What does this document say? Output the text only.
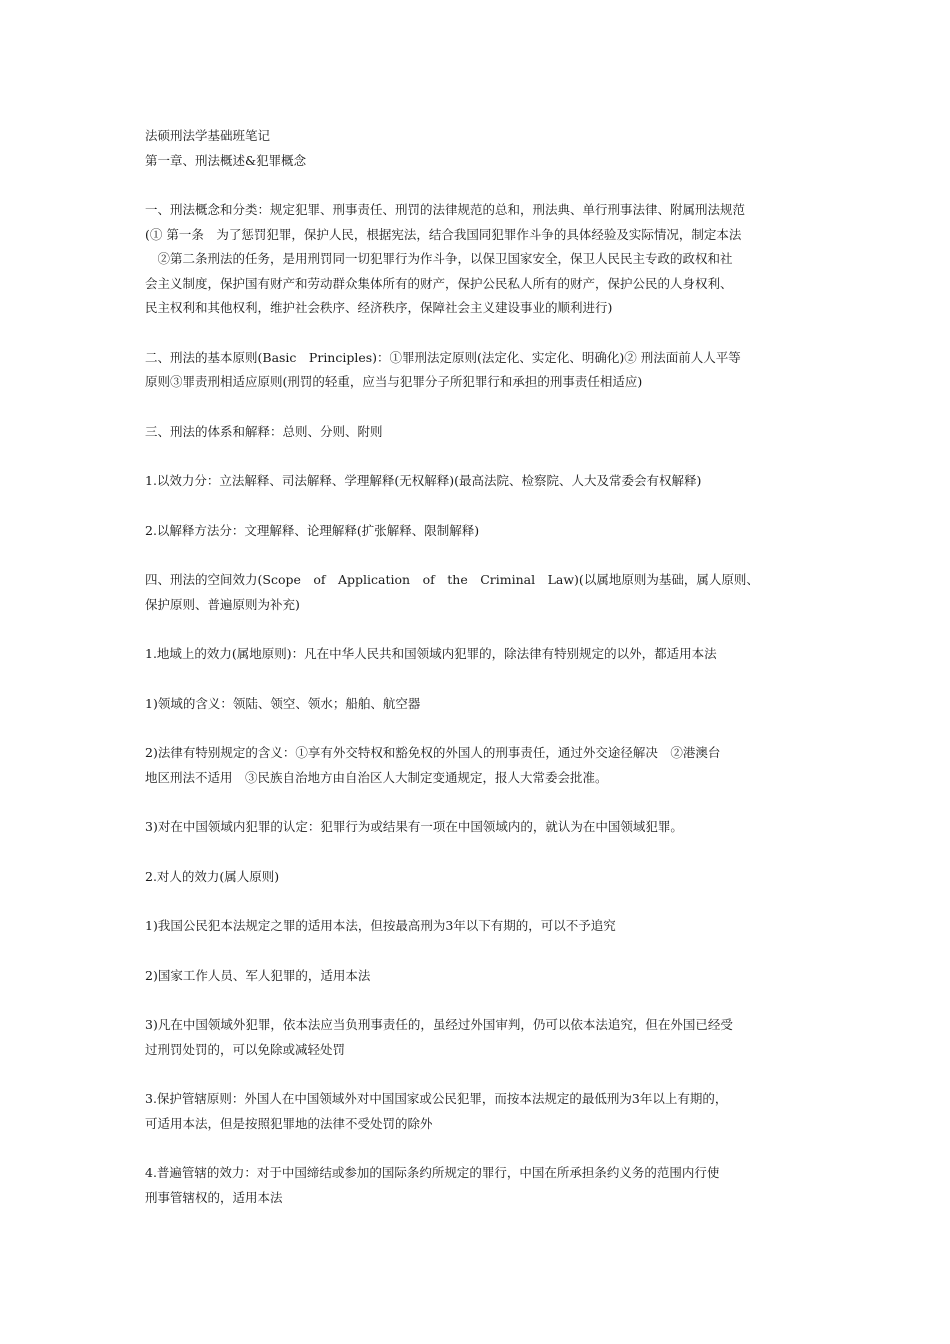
法硕刑法学基础班笔记
第一章、刑法概述&犯罪概念
一、刑法概念和分类：规定犯罪、刑事责任、刑罚的法律规范的总和，刑法典、单行刑事法律、附属刑法规范
(① 第一条　为了惩罚犯罪，保护人民，根据宪法，结合我国同犯罪作斗争的具体经验及实际情况，制定本法
　②第二条刑法的任务，是用刑罚同一切犯罪行为作斗争，以保卫国家安全，保卫人民民主专政的政权和社
会主义制度，保护国有财产和劳动群众集体所有的财产，保护公民私人所有的财产，保护公民的人身权利、
民主权利和其他权利，维护社会秩序、经济秩序，保障社会主义建设事业的顺利进行)
二、刑法的基本原则(Basic　Principles)：①罪刑法定原则(法定化、实定化、明确化)② 刑法面前人人平等
原则③罪责刑相适应原则(刑罚的轻重，应当与犯罪分子所犯罪行和承担的刑事责任相适应)
三、刑法的体系和解释：总则、分则、附则
1.以效力分：立法解释、司法解释、学理解释(无权解释)(最高法院、检察院、人大及常委会有权解释)
2.以解释方法分：文理解释、论理解释(扩张解释、限制解释)
四、刑法的空间效力(Scope　of　Application　of　the　Criminal　Law)(以属地原则为基础，属人原则、
保护原则、普遍原则为补充)
1.地域上的效力(属地原则)：凡在中华人民共和国领域内犯罪的，除法律有特别规定的以外，都适用本法
1)领域的含义：领陆、领空、领水；船舶、航空器
2)法律有特别规定的含义：①享有外交特权和豁免权的外国人的刑事责任，通过外交途径解决　②港澳台
地区刑法不适用　③民族自治地方由自治区人大制定变通规定，报人大常委会批准。
3)对在中国领域内犯罪的认定：犯罪行为或结果有一项在中国领域内的，就认为在中国领域犯罪。
2.对人的效力(属人原则)
1)我国公民犯本法规定之罪的适用本法，但按最高刑为3年以下有期的，可以不予追究
2)国家工作人员、军人犯罪的，适用本法
3)凡在中国领域外犯罪，依本法应当负刑事责任的，虽经过外国审判，仍可以依本法追究，但在外国已经受
过刑罚处罚的，可以免除或减轻处罚
3.保护管辖原则：外国人在中国领域外对中国国家或公民犯罪，而按本法规定的最低刑为3年以上有期的，
可适用本法，但是按照犯罪地的法律不受处罚的除外
4.普遍管辖的效力：对于中国缔结或参加的国际条约所规定的罪行，中国在所承担条约义务的范围内行使
刑事管辖权的，适用本法
